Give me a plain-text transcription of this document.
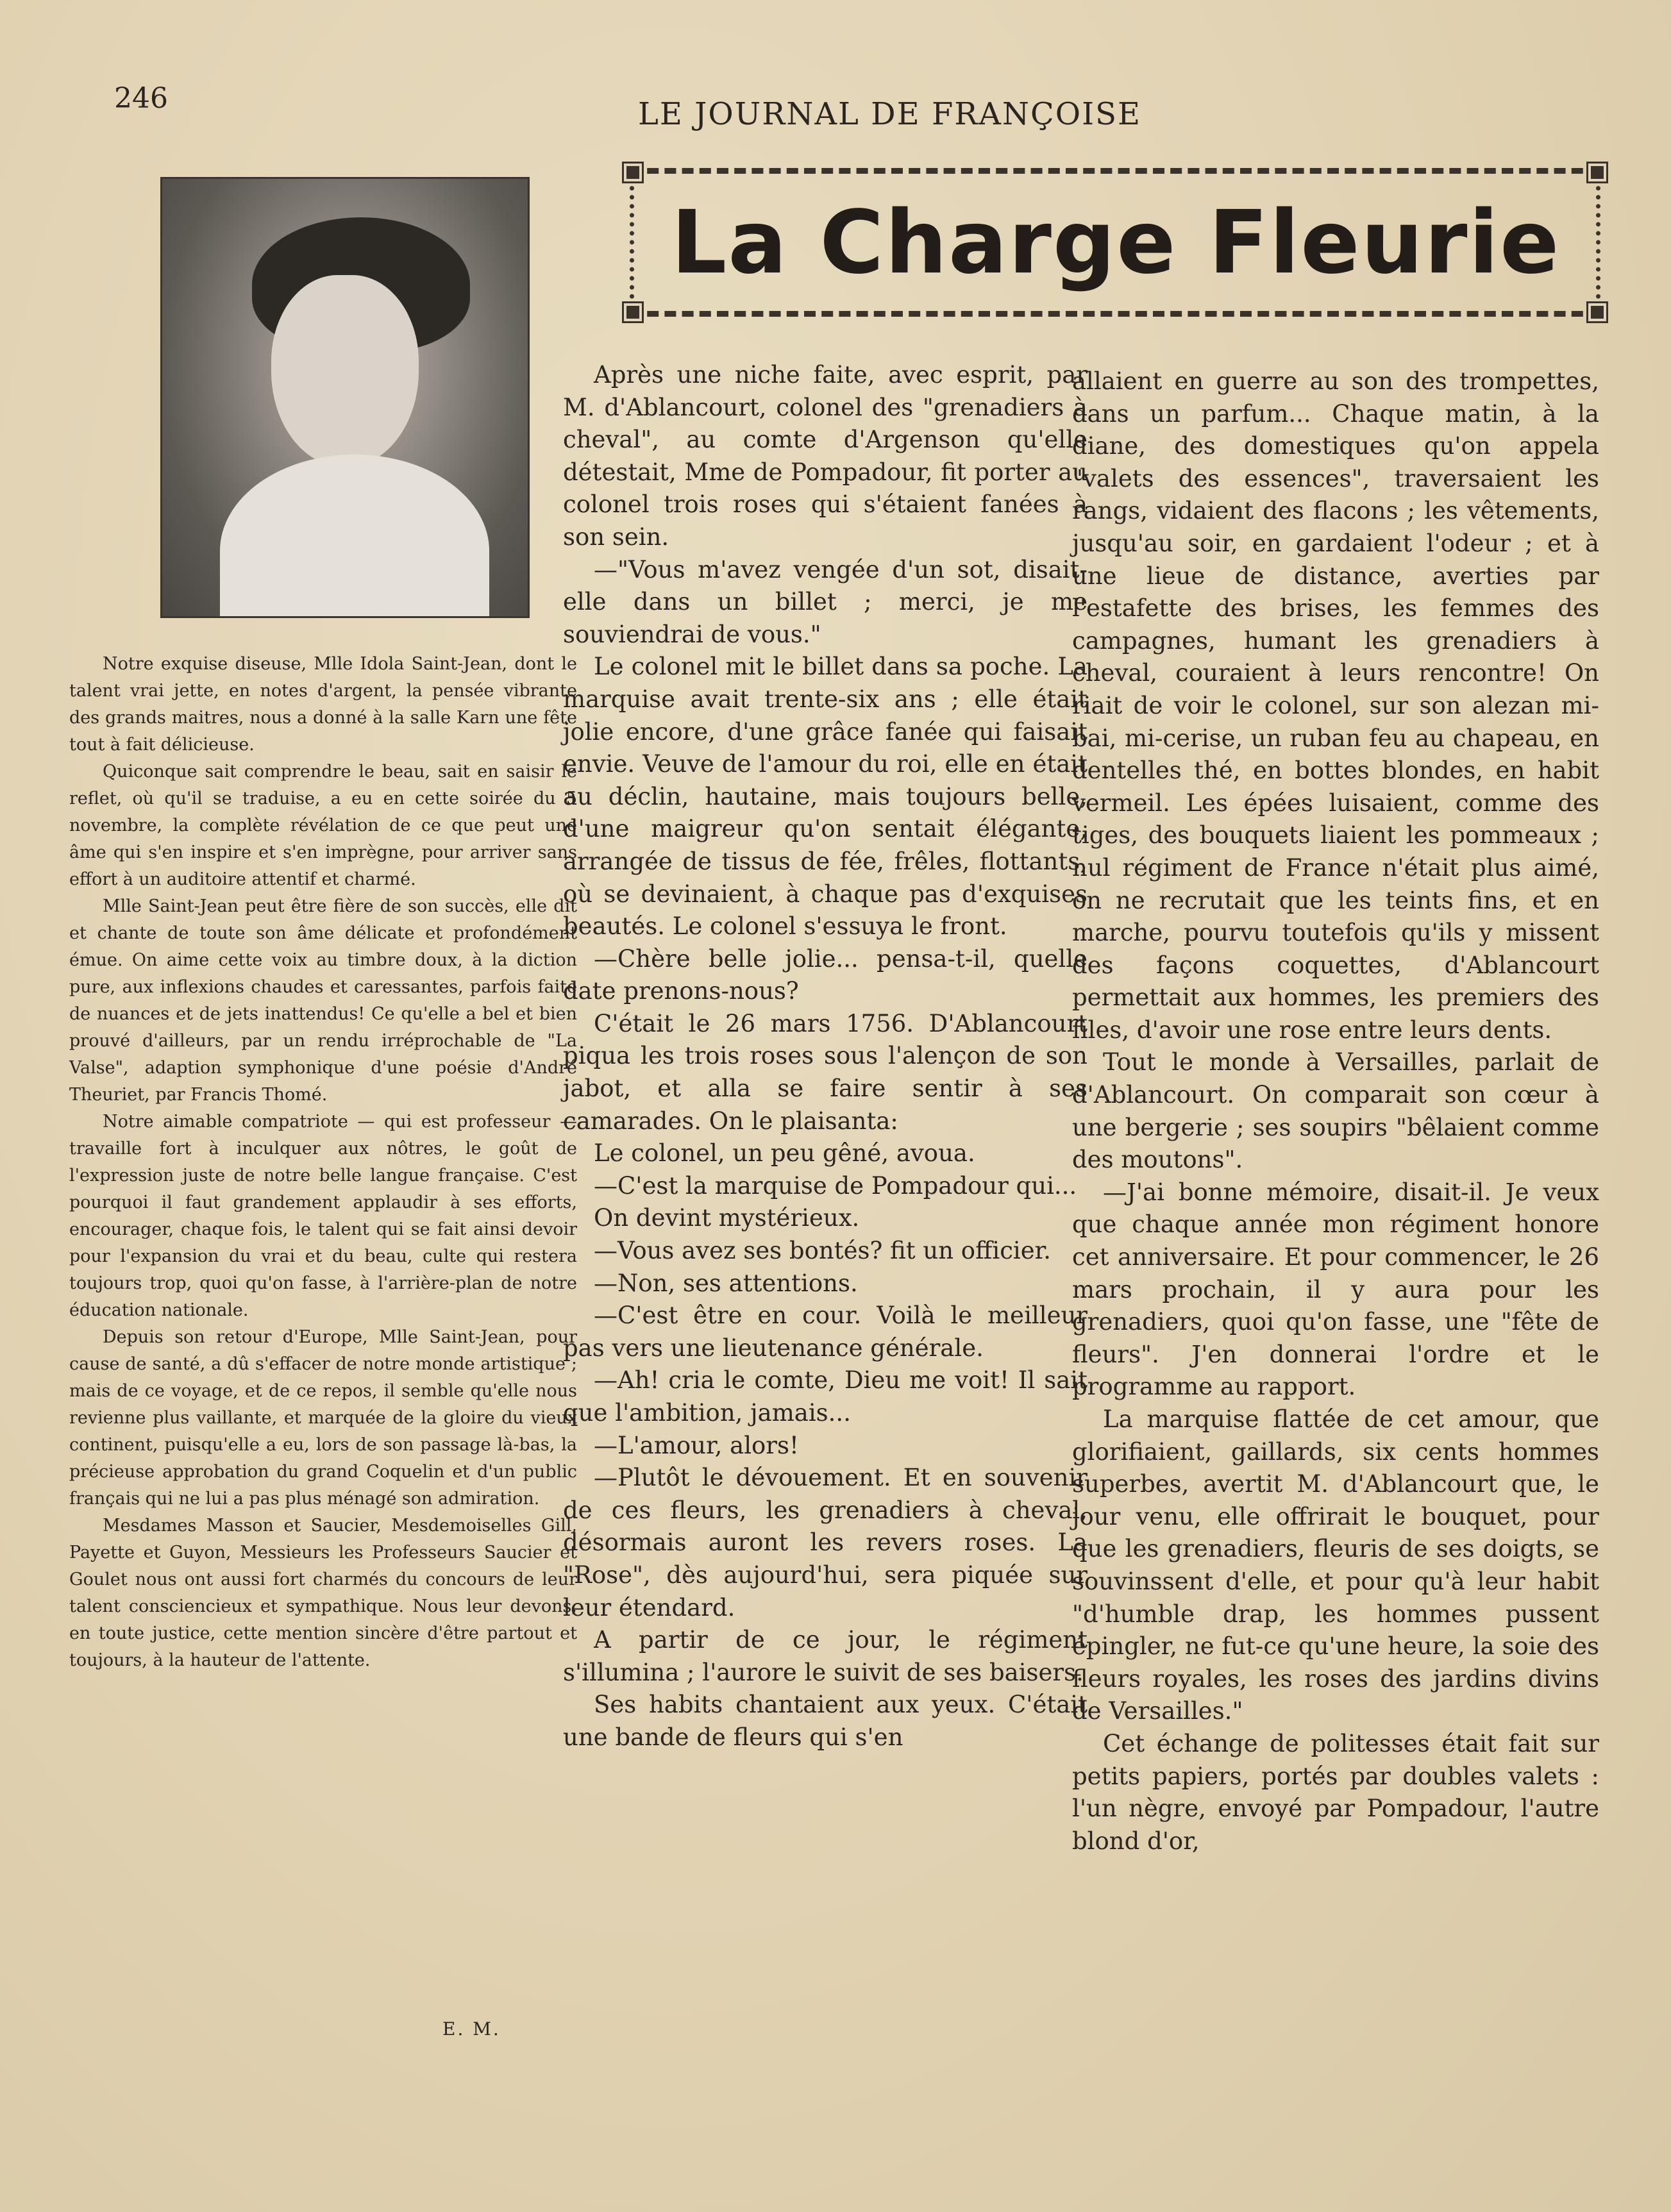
246	LE JOURNAL DE FRANÇOISE
La Charge Fleurie

Notre exquise diseuse, Mlle Idola Saint-Jean, dont le talent vrai jette, en notes d'argent, la pensée vibrante des grands maitres, nous a donné à la salle Karn une fête tout à fait délicieuse.

Quiconque sait comprendre le beau, sait en saisir le reflet, où qu'il se traduise, a eu en cette soirée du 5 novembre, la complète révélation de ce que peut une âme qui s'en inspire et s'en imprègne, pour arriver sans effort à un auditoire attentif et charmé.

Mlle Saint-Jean peut être fière de son succès, elle dit et chante de toute son âme délicate et profondément émue. On aime cette voix au timbre doux, à la diction pure, aux inflexions chaudes et caressantes, parfois faite de nuances et de jets inattendus! Ce qu'elle a bel et bien prouvé d'ailleurs, par un rendu irréprochable de "La Valse", adaption symphonique d'une poésie d'André Theuriet, par Francis Thomé.

Notre aimable compatriote — qui est professeur — travaille fort à inculquer aux nôtres, le goût de l'expression juste de notre belle langue française. C'est pourquoi il faut grandement applaudir à ses efforts, encourager, chaque fois, le talent qui se fait ainsi devoir pour l'expansion du vrai et du beau, culte qui restera toujours trop, quoi qu'on fasse, à l'arrière-plan de notre éducation nationale.

Depuis son retour d'Europe, Mlle Saint-Jean, pour cause de santé, a dû s'effacer de notre monde artistique ; mais de ce voyage, et de ce repos, il semble qu'elle nous revienne plus vaillante, et marquée de la gloire du vieux continent, puisqu'elle a eu, lors de son passage là-bas, la précieuse approbation du grand Coquelin et d'un public français qui ne lui a pas plus ménagé son admiration.

Mesdames Masson et Saucier, Mesdemoiselles Gill, Payette et Guyon, Messieurs les Professeurs Saucier et Goulet nous ont aussi fort charmés du concours de leur talent consciencieux et sympathique. Nous leur devons, en toute justice, cette mention sincère d'être partout et toujours, à la hauteur de l'attente.

E. M.

Après une niche faite, avec esprit, par M. d'Ablancourt, colonel des "grenadiers à cheval", au comte d'Argenson qu'elle détestait, Mme de Pompadour, fit porter au colonel trois roses qui s'étaient fanées à son sein.

—"Vous m'avez vengée d'un sot, disait-elle dans un billet ; merci, je me souviendrai de vous."

Le colonel mit le billet dans sa poche. La marquise avait trente-six ans ; elle était jolie encore, d'une grâce fanée qui faisait envie. Veuve de l'amour du roi, elle en était au déclin, hautaine, mais toujours belle, d'une maigreur qu'on sentait élégante, arrangée de tissus de fée, frêles, flottants, où se devinaient, à chaque pas d'exquises beautés. Le colonel s'essuya le front.

—Chère belle jolie... pensa-t-il, quelle date prenons-nous?

C'était le 26 mars 1756. D'Ablancourt piqua les trois roses sous l'alençon de son jabot, et alla se faire sentir à ses camarades. On le plaisanta:

Le colonel, un peu gêné, avoua.

—C'est la marquise de Pompadour qui...

On devint mystérieux.

—Vous avez ses bontés? fit un officier.

—Non, ses attentions.

—C'est être en cour. Voilà le meilleur pas vers une lieutenance générale.

—Ah! cria le comte, Dieu me voit! Il sait que l'ambition, jamais...

—L'amour, alors!

—Plutôt le dévouement. Et en souvenir de ces fleurs, les grenadiers à cheval, désormais auront les revers roses. La "Rose", dès aujourd'hui, sera piquée sur leur étendard.

A partir de ce jour, le régiment s'illumina ; l'aurore le suivit de ses baisers.

Ses habits chantaient aux yeux. C'était une bande de fleurs qui s'en

allaient en guerre au son des trompettes, dans un parfum... Chaque matin, à la diane, des domestiques qu'on appela "valets des essences", traversaient les rangs, vidaient des flacons ; les vêtements, jusqu'au soir, en gardaient l'odeur ; et à une lieue de distance, averties par l'estafette des brises, les femmes des campagnes, humant les grenadiers à cheval, couraient à leurs rencontre! On riait de voir le colonel, sur son alezan mi-bai, mi-cerise, un ruban feu au chapeau, en dentelles thé, en bottes blondes, en habit vermeil. Les épées luisaient, comme des tiges, des bouquets liaient les pommeaux ; nul régiment de France n'était plus aimé, on ne recrutait que les teints fins, et en marche, pourvu toutefois qu'ils y missent des façons coquettes, d'Ablancourt permettait aux hommes, les premiers des files, d'avoir une rose entre leurs dents.

Tout le monde à Versailles, parlait de d'Ablancourt. On comparait son cœur à une bergerie ; ses soupirs "bêlaient comme des moutons".

—J'ai bonne mémoire, disait-il. Je veux que chaque année mon régiment honore cet anniversaire. Et pour commencer, le 26 mars prochain, il y aura pour les grenadiers, quoi qu'on fasse, une "fête de fleurs". J'en donnerai l'ordre et le programme au rapport.

La marquise flattée de cet amour, que glorifiaient, gaillards, six cents hommes superbes, avertit M. d'Ablancourt que, le jour venu, elle offrirait le bouquet, pour que les grenadiers, fleuris de ses doigts, se souvinssent d'elle, et pour qu'à leur habit "d'humble drap, les hommes pussent épingler, ne fut-ce qu'une heure, la soie des fleurs royales, les roses des jardins divins de Versailles."

Cet échange de politesses était fait sur petits papiers, portés par doubles valets : l'un nègre, envoyé par Pompadour, l'autre blond d'or,
